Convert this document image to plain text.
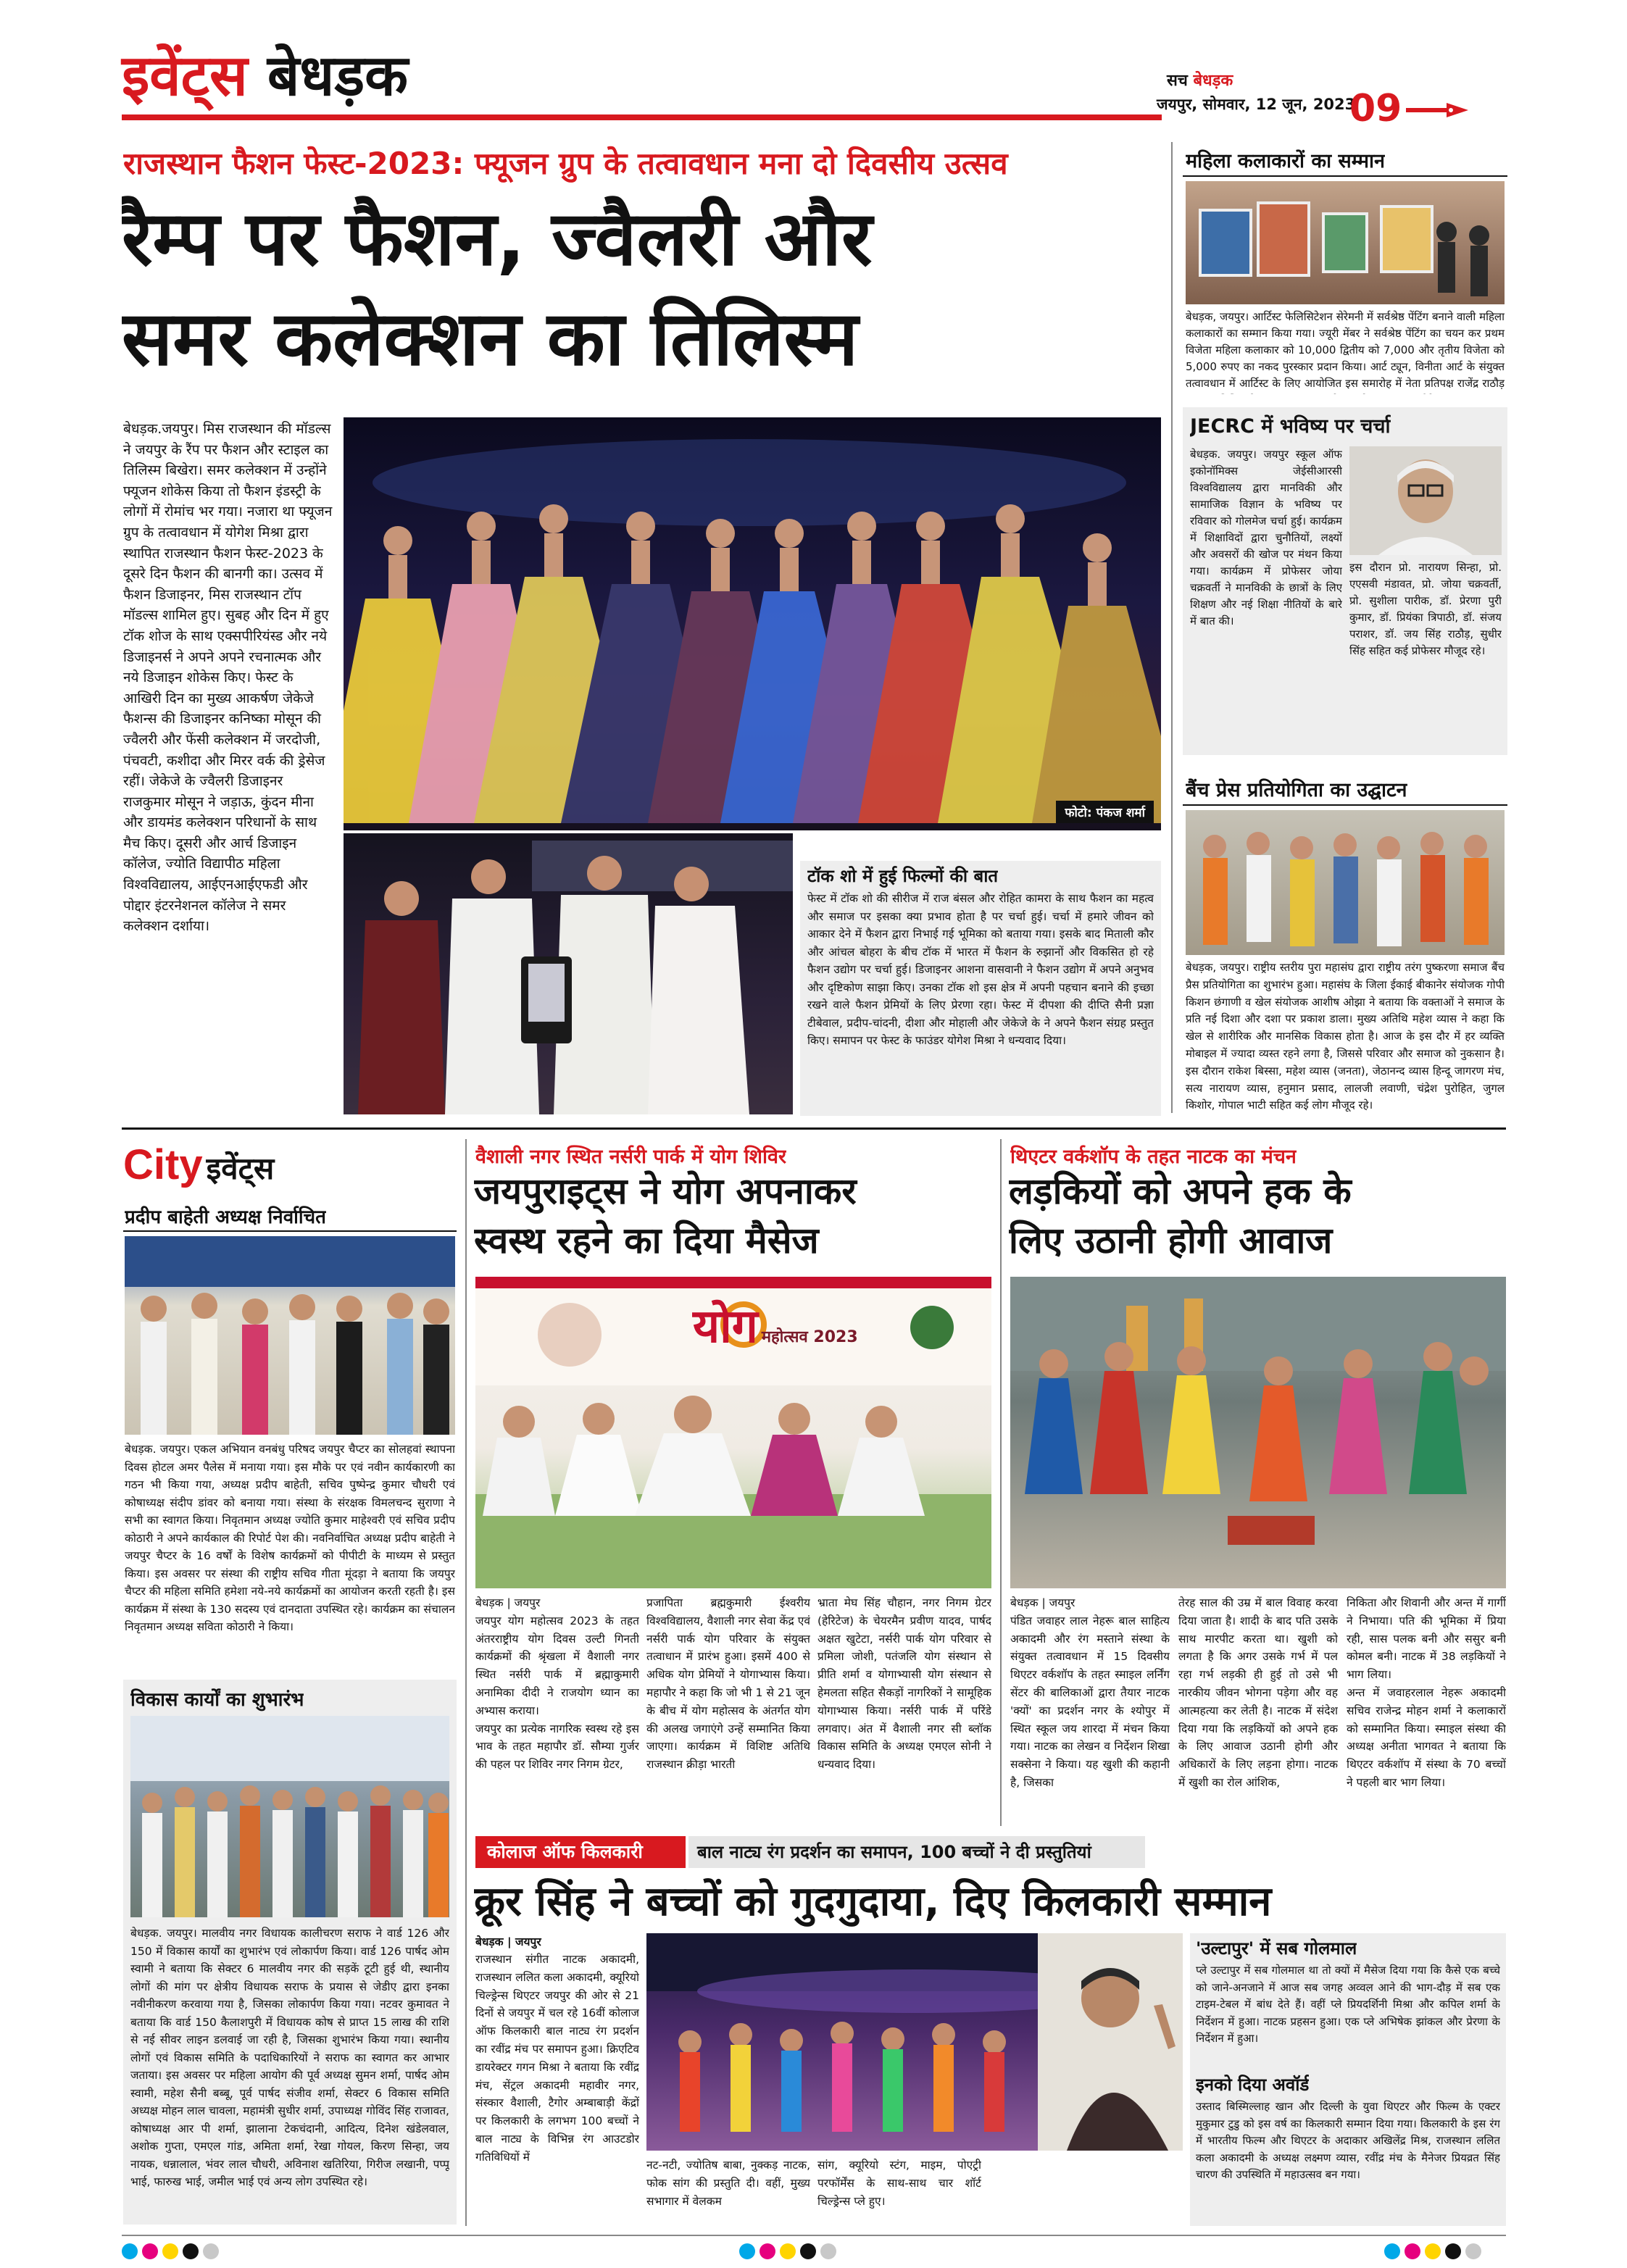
इवेंट्स बेधड़क	सच बेधड़क
जयपुर, सोमवार, 12 जून, 2023
09
राजस्थान फैशन फेस्ट-2023: फ्यूजन ग्रुप के तत्वावधान मना दो दिवसीय उत्सव
रैम्प पर फैशन, ज्वैलरी और
समर कलेक्शन का तिलिस्म
बेधड़क.जयपुर। मिस राजस्थान की मॉडल्स ने जयपुर के रैंप पर फैशन और स्टाइल का तिलिस्म बिखेरा। समर कलेक्शन में उन्होंने फ्यूजन शोकेस किया तो फैशन इंडस्ट्री के लोगों में रोमांच भर गया। नजारा था फ्यूजन ग्रुप के तत्वावधान में योगेश मिश्रा द्वारा स्थापित राजस्थान फैशन फेस्ट-2023 के दूसरे दिन फैशन की बानगी का। उत्सव में फैशन डिजाइनर, मिस राजस्थान टॉप मॉडल्स शामिल हुए। सुबह और दिन में हुए टॉक शोज के साथ एक्सपीरियंस्ड और नये डिजाइनर्स ने अपने अपने रचनात्मक और नये डिजाइन शोकेस किए। फेस्ट के आखिरी दिन का मुख्य आकर्षण जेकेजे फैशन्स की डिजाइनर कनिष्का मोसून की ज्वैलरी और फेंसी कलेक्शन में जरदोजी, पंचवटी, कशीदा और मिरर वर्क की ड्रेसेज रहीं। जेकेजे के ज्वैलरी डिजाइनर राजकुमार मोसून ने जड़ाऊ, कुंदन मीना और डायमंड कलेक्शन परिधानों के साथ मैच किए। दूसरी और आर्च डिजाइन कॉलेज, ज्योति विद्यापीठ महिला विश्वविद्यालय, आईएनआईएफडी और पोद्दार इंटरनेशनल कॉलेज ने समर कलेक्शन दर्शाया।
फोटो: पंकज शर्मा
टॉक शो में हुई फिल्मों की बात
फेस्ट में टॉक शो की सीरीज में राज बंसल और रोहित कामरा के साथ फैशन का महत्व और समाज पर इसका क्या प्रभाव होता है पर चर्चा हुई। चर्चा में हमारे जीवन को आकार देने में फैशन द्वारा निभाई गई भूमिका को बताया गया। इसके बाद मिताली कौर और आंचल बोहरा के बीच टॉक में भारत में फैशन के रुझानों और विकसित हो रहे फैशन उद्योग पर चर्चा हुई। डिजाइनर आशना वासवानी ने फैशन उद्योग में अपने अनुभव और दृष्टिकोण साझा किए। उनका टॉक शो इस क्षेत्र में अपनी पहचान बनाने की इच्छा रखने वाले फैशन प्रेमियों के लिए प्रेरणा रहा। फेस्ट में दीपशा की दीप्ति सैनी प्रज्ञा टीबेवाल, प्रदीप-चांदनी, दीशा और मोहाली और जेकेजे के ने अपने फैशन संग्रह प्रस्तुत किए। समापन पर फेस्ट के फाउंडर योगेश मिश्रा ने धन्यवाद दिया।
महिला कलाकारों का सम्मान
बेधड़क, जयपुर। आर्टिस्ट फेलिसिटेशन सेरेमनी में सर्वश्रेष्ठ पेंटिंग बनाने वाली महिला कलाकारों का सम्मान किया गया। ज्यूरी मेंबर ने सर्वश्रेष्ठ पेंटिंग का चयन कर प्रथम विजेता महिला कलाकार को 10,000 द्वितीय को 7,000 और तृतीय विजेता को 5,000 रुपए का नकद पुरस्कार प्रदान किया। आर्ट ट्यून, विनीता आर्ट के संयुक्त तत्वावधान में आर्टिस्ट के लिए आयोजित इस समारोह में नेता प्रतिपक्ष राजेंद्र राठौड़
JECRC में भविष्य पर चर्चा
बेधड़क. जयपुर। जयपुर स्कूल ऑफ इकोनॉमिक्स जेईसीआरसी विश्वविद्यालय द्वारा मानविकी और सामाजिक विज्ञान के भविष्य पर रविवार को गोलमेज चर्चा हुई। कार्यक्रम में शिक्षाविदों द्वारा चुनौतियों, लक्ष्यों और अवसरों की खोज पर मंथन किया गया। कार्यक्रम में प्रोफेसर जोया चक्रवर्ती ने मानविकी के छात्रों के लिए शिक्षण और नई शिक्षा नीतियों के बारे में बात की।
इस दौरान प्रो. नारायण सिन्हा, प्रो. एएसवी मंडावत, प्रो. जोया चक्रवर्ती, प्रो. सुशीला पारीक, डॉ. प्रेरणा पुरी कुमार, डॉ. प्रियंका त्रिपाठी, डॉ. संजय पराशर, डॉ. जय सिंह राठौड़, सुधीर सिंह सहित कई प्रोफेसर मौजूद रहे।
बैंच प्रेस प्रतियोगिता का उद्घाटन
बेधड़क, जयपुर। राष्ट्रीय स्तरीय पुरा महासंघ द्वारा राष्ट्रीय तरंग पुष्करणा समाज बैंच प्रैस प्रतियोगिता का शुभारंभ हुआ। महासंघ के जिला ईकाई बीकानेर संयोजक गोपी किशन छंगाणी व खेल संयोजक आशीष ओझा ने बताया कि वक्ताओं ने समाज के प्रति नई दिशा और दशा पर प्रकाश डाला। मुख्य अतिथि महेश व्यास ने कहा कि खेल से शारीरिक और मानसिक विकास होता है। आज के इस दौर में हर व्यक्ति मोबाइल में ज्यादा व्यस्त रहने लगा है, जिससे परिवार और समाज को नुकसान है। इस दौरान राकेश बिस्सा, महेश व्यास (जनता), जेठानन्द व्यास हिन्दू जागरण मंच, सत्य नारायण व्यास, हनुमान प्रसाद, लालजी लवाणी, चंद्रेश पुरोहित, जुगल किशोर, गोपाल भाटी सहित कई लोग मौजूद रहे।
City इवेंट्स
प्रदीप बाहेती अध्यक्ष निर्वाचित
बेधड़क. जयपुर। एकल अभियान वनबंधु परिषद जयपुर चैप्टर का सोलहवां स्थापना दिवस होटल अमर पैलेस में मनाया गया। इस मौके पर एवं नवीन कार्यकारणी का गठन भी किया गया, अध्यक्ष प्रदीप बाहेती, सचिव पुष्पेन्द्र कुमार चौधरी एवं कोषाध्यक्ष संदीप डांवर को बनाया गया। संस्था के संरक्षक विमलचन्द सुराणा ने सभी का स्वागत किया। निवृतमान अध्यक्ष ज्योति कुमार माहेश्वरी एवं सचिव प्रदीप कोठारी ने अपने कार्यकाल की रिपोर्ट पेश की। नवनिर्वाचित अध्यक्ष प्रदीप बाहेती ने जयपुर चैप्टर के 16 वर्षों के विशेष कार्यक्रमों को पीपीटी के माध्यम से प्रस्तुत किया। इस अवसर पर संस्था की राष्ट्रीय सचिव गीता मूंदड़ा ने बताया कि जयपुर चैप्टर की महिला समिति हमेशा नये-नये कार्यक्रमों का आयोजन करती रहती है। इस कार्यक्रम में संस्था के 130 सदस्य एवं दानदाता उपस्थित रहे। कार्यक्रम का संचालन निवृतमान अध्यक्ष सविता कोठारी ने किया।
विकास कार्यों का शुभारंभ
बेधड़क. जयपुर। मालवीय नगर विधायक कालीचरण सराफ ने वार्ड 126 और 150 में विकास कार्यों का शुभारंभ एवं लोकार्पण किया। वार्ड 126 पार्षद ओम स्वामी ने बताया कि सेक्टर 6 मालवीय नगर की सड़कें टूटी हुई थी, स्थानीय लोगों की मांग पर क्षेत्रीय विधायक सराफ के प्रयास से जेडीए द्वारा इनका नवीनीकरण करवाया गया है, जिसका लोकार्पण किया गया। नटवर कुमावत ने बताया कि वार्ड 150 कैलाशपुरी में विधायक कोष से प्राप्त 15 लाख की राशि से नई सीवर लाइन डलवाई जा रही है, जिसका शुभारंभ किया गया। स्थानीय लोगों एवं विकास समिति के पदाधिकारियों ने सराफ का स्वागत कर आभार जताया। इस अवसर पर महिला आयोग की पूर्व अध्यक्ष सुमन शर्मा, पार्षद ओम स्वामी, महेश सैनी बब्बू, पूर्व पार्षद संजीव शर्मा, सेक्टर 6 विकास समिति अध्यक्ष मोहन लाल चावला, महामंत्री सुधीर शर्मा, उपाध्यक्ष गोविंद सिंह राजावत, कोषाध्यक्ष आर पी शर्मा, झालाना टेकचंदानी, आदित्य, दिनेश खंडेलवाल, अशोक गुप्ता, एमएल गांड, अमिता शर्मा, रेखा गोयल, किरण सिन्हा, जय नायक, धन्नालाल, भंवर लाल चौधरी, अविनाश खतिरिया, गिरीज लखानी, पप्पू भाई, फारुख भाई, जमील भाई एवं अन्य लोग उपस्थित रहे।
वैशाली नगर स्थित नर्सरी पार्क में योग शिविर
जयपुराइट्स ने योग अपनाकर
स्वस्थ रहने का दिया मैसेज
योग महोत्सव 2023
बेधड़क | जयपुर
जयपुर योग महोत्सव 2023 के तहत अंतरराष्ट्रीय योग दिवस उल्टी गिनती कार्यक्रमों की श्रृंखला में वैशाली नगर स्थित नर्सरी पार्क में ब्रह्माकुमारी अनामिका दीदी ने राजयोग ध्यान का अभ्यास कराया।
जयपुर का प्रत्येक नागरिक स्वस्थ रहे इस भाव के तहत महापौर डॉ. सौम्या गुर्जर की पहल पर शिविर नगर निगम ग्रेटर,
प्रजापिता ब्रह्मकुमारी ईश्वरीय विश्वविद्यालय, वैशाली नगर सेवा केंद्र एवं नर्सरी पार्क योग परिवार के संयुक्त तत्वाधान में प्रारंभ हुआ। इसमें 400 से अधिक योग प्रेमियों ने योगाभ्यास किया। महापौर ने कहा कि जो भी 1 से 21 जून के बीच में योग महोत्सव के अंतर्गत योग की अलख जगाएंगे उन्हें सम्मानित किया जाएगा। कार्यक्रम में विशिष्ट अतिथि राजस्थान क्रीड़ा भारती
भ्राता मेघ सिंह चौहान, नगर निगम ग्रेटर (हेरिटेज) के चेयरमैन प्रवीण यादव, पार्षद अक्षत खुटेटा, नर्सरी पार्क योग परिवार से प्रमिला जोशी, पतंजलि योग संस्थान से प्रीति शर्मा व योगाभ्यासी योग संस्थान से हेमलता सहित सैकड़ों नागरिकों ने सामूहिक योगाभ्यास किया। नर्सरी पार्क में परिंडे लगवाए। अंत में वैशाली नगर सी ब्लॉक विकास समिति के अध्यक्ष एमएल सोनी ने धन्यवाद दिया।
थिएटर वर्कशॉप के तहत नाटक का मंचन
लड़कियों को अपने हक के
लिए उठानी होगी आवाज
बेधड़क | जयपुर
पंडित जवाहर लाल नेहरू बाल साहित्य अकादमी और रंग मस्ताने संस्था के संयुक्त तत्वावधान में 15 दिवसीय थिएटर वर्कशॉप के तहत स्माइल लर्निंग सेंटर की बालिकाओं द्वारा तैयार नाटक 'क्यों' का प्रदर्शन नगर के श्योपुर में स्थित स्कूल जय शारदा में मंचन किया गया। नाटक का लेखन व निर्देशन शिखा सक्सेना ने किया। यह खुशी की कहानी है, जिसका
तेरह साल की उम्र में बाल विवाह करवा दिया जाता है। शादी के बाद पति उसके साथ मारपीट करता था। खुशी को लगता है कि अगर उसके गर्भ में पल रहा गर्भ लड़की ही हुई तो उसे भी नारकीय जीवन भोगना पड़ेगा और वह आत्महत्या कर लेती है। नाटक में संदेश दिया गया कि लड़कियों को अपने हक के लिए आवाज उठानी होगी और अधिकारों के लिए लड़ना होगा। नाटक में खुशी का रोल आंशिक,
निकिता और शिवानी और अन्त में गार्गी ने निभाया। पति की भूमिका में प्रिया रही, सास पलक बनी और ससुर बनी कोमल बनी। नाटक में 38 लड़कियों ने भाग लिया।
अन्त में जवाहरलाल नेहरू अकादमी सचिव राजेन्द्र मोहन शर्मा ने कलाकारों को सम्मानित किया। स्माइल संस्था की अध्यक्ष अनीता भागवत ने बताया कि थिएटर वर्कशॉप में संस्था के 70 बच्चों ने पहली बार भाग लिया।
कोलाज ऑफ किलकारी	बाल नाट्य रंग प्रदर्शन का समापन, 100 बच्चों ने दी प्रस्तुतियां
क्रूर सिंह ने बच्चों को गुदगुदाया, दिए किलकारी सम्मान
बेधड़क | जयपुर
राजस्थान संगीत नाटक अकादमी, राजस्थान ललित कला अकादमी, क्यूरियो चिल्ड्रेन्स थिएटर जयपुर की ओर से 21 दिनों से जयपुर में चल रहे 16वीं कोलाज ऑफ किलकारी बाल नाट्य रंग प्रदर्शन का रवींद्र मंच पर समापन हुआ। क्रिएटिव डायरेक्टर गगन मिश्रा ने बताया कि रवींद्र मंच, सेंट्रल अकादमी महावीर नगर, संस्कार वैशाली, टैगोर अम्बाबाड़ी केंद्रों पर किलकारी के लगभग 100 बच्चों ने बाल नाट्य के विभिन्न रंग आउटडोर गतिविधियों में
नट-नटी, ज्योतिष बाबा, नुक्कड़ नाटक, फोक सांग की प्रस्तुति दी। वहीं, मुख्य सभागार में वेलकम
सांग, क्यूरियो स्टंग, माइम, पोएट्री परफॉर्मेंस के साथ-साथ चार शॉर्ट चिल्ड्रेन्स प्ले हुए।
'उल्टापुर' में सब गोलमाल
प्ले उल्टापुर में सब गोलमाल था तो क्यों में मैसेज दिया गया कि कैसे एक बच्चे को जाने-अनजाने में आज सब जगह अव्वल आने की भाग-दौड़ में सब एक टाइम-टेबल में बांध देते हैं। वहीं प्ले प्रियदर्शिनी मिश्रा और कपिल शर्मा के निर्देशन में हुआ। नाटक प्रहसन हुआ। एक प्ले अभिषेक झांकल और प्रेरणा के निर्देशन में हुआ।
इनको दिया अवॉर्ड
उस्ताद बिस्मिल्लाह खान और दिल्ली के युवा थिएटर और फिल्म के एक्टर मुकुमार टुडु को इस वर्ष का किलकारी सम्मान दिया गया। किलकारी के इस रंग में भारतीय फिल्म और थिएटर के अदाकार अखिलेंद्र मिश्र, राजस्थान ललित कला अकादमी के अध्यक्ष लक्ष्मण व्यास, रवींद्र मंच के मैनेजर प्रियव्रत सिंह चारण की उपस्थिति में महाउत्सव बन गया।
